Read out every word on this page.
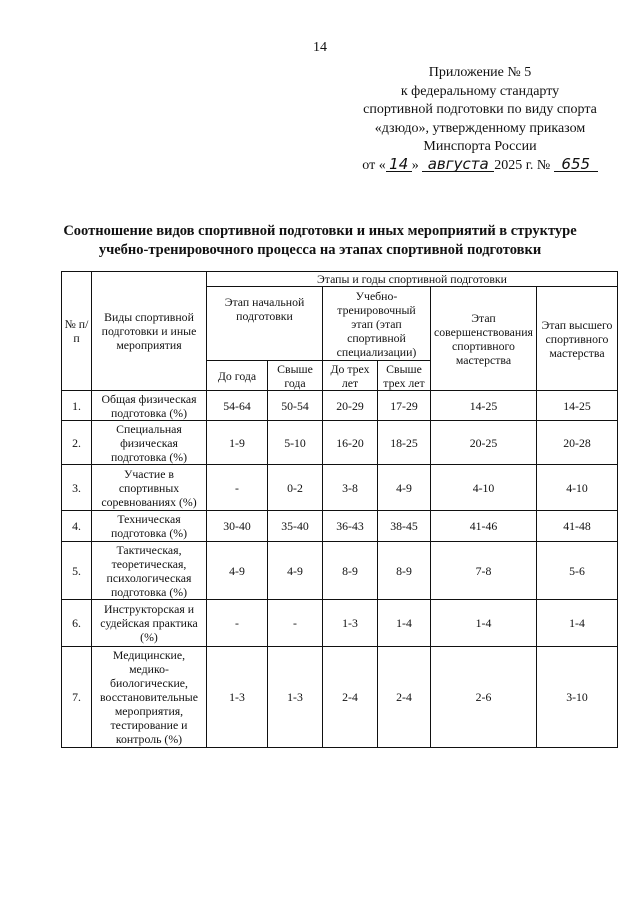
14
Приложение № 5
к федеральному стандарту
спортивной подготовки по виду спорта
«дзюдо», утвержденному приказом
Минспорта России
от « 14 » августа 2025 г. № 655
Соотношение видов спортивной подготовки и иных мероприятий в структуре
учебно-тренировочного процесса на этапах спортивной подготовки
№ п/п	Виды спортивной подготовки и иные мероприятия	Этапы и годы спортивной подготовки					
		Этап начальной подготовки		Учебно-тренировочный этап (этап спортивной специализации)		Этап совершенствования спортивного мастерства	Этап высшего спортивного мастерства
		До года	Свыше года	До трех лет	Свыше трех лет		
1.	Общая физическая подготовка (%)	54-64	50-54	20-29	17-29	14-25	14-25
2.	Специальная физическая подготовка (%)	1-9	5-10	16-20	18-25	20-25	20-28
3.	Участие в спортивных соревнованиях (%)	-	0-2	3-8	4-9	4-10	4-10
4.	Техническая подготовка (%)	30-40	35-40	36-43	38-45	41-46	41-48
5.	Тактическая, теоретическая, психологическая подготовка (%)	4-9	4-9	8-9	8-9	7-8	5-6
6.	Инструкторская и судейская практика (%)	-	-	1-3	1-4	1-4	1-4
7.	Медицинские, медико-биологические, восстановительные мероприятия, тестирование и контроль (%)	1-3	1-3	2-4	2-4	2-6	3-10
